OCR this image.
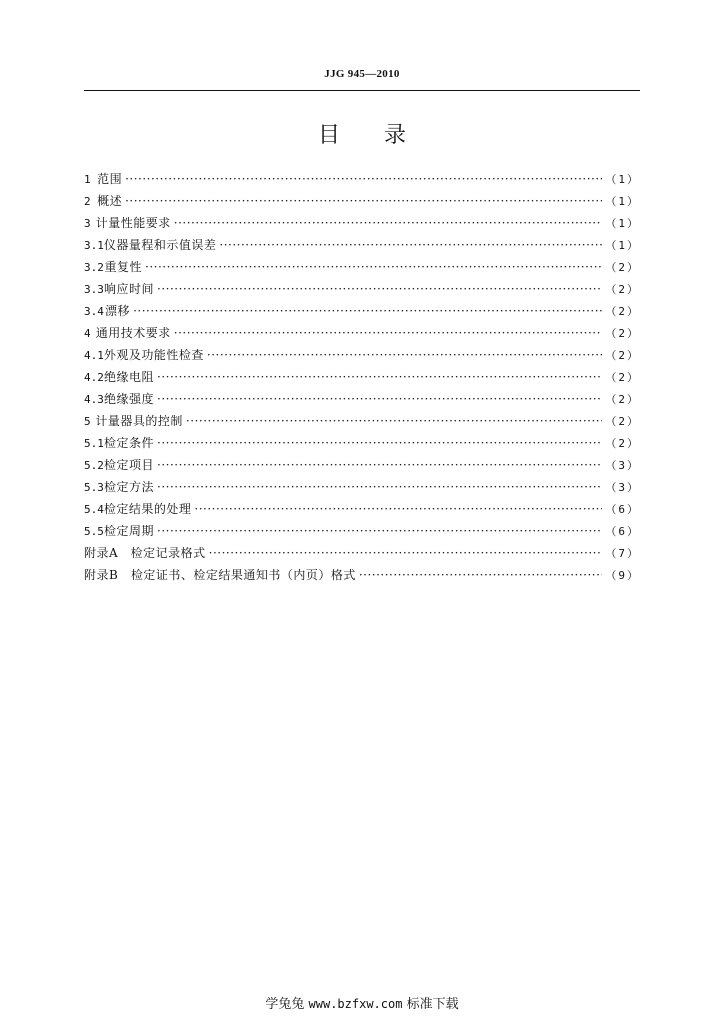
JJG 945—2010
目录
1 范围 ·····	（1）
2 概述 ·····	（1）
3 计量性能要求 ·····	（1）
3.1 仪器量程和示值误差 ·····	（1）
3.2 重复性 ·····	（2）
3.3 响应时间 ·····	（2）
3.4 漂移 ·····	（2）
4 通用技术要求 ·····	（2）
4.1 外观及功能性检查 ·····	（2）
4.2 绝缘电阻 ·····	（2）
4.3 绝缘强度 ·····	（2）
5 计量器具的控制 ·····	（2）
5.1 检定条件 ·····	（2）
5.2 检定项目 ·····	（3）
5.3 检定方法 ·····	（3）
5.4 检定结果的处理 ·····	（6）
5.5 检定周期 ·····	（6）
附录A　检定记录格式 ·····	（7）
附录B　检定证书、检定结果通知书（内页）格式 ·····	（9）
学兔兔 www.bzfxw.com 标准下载
